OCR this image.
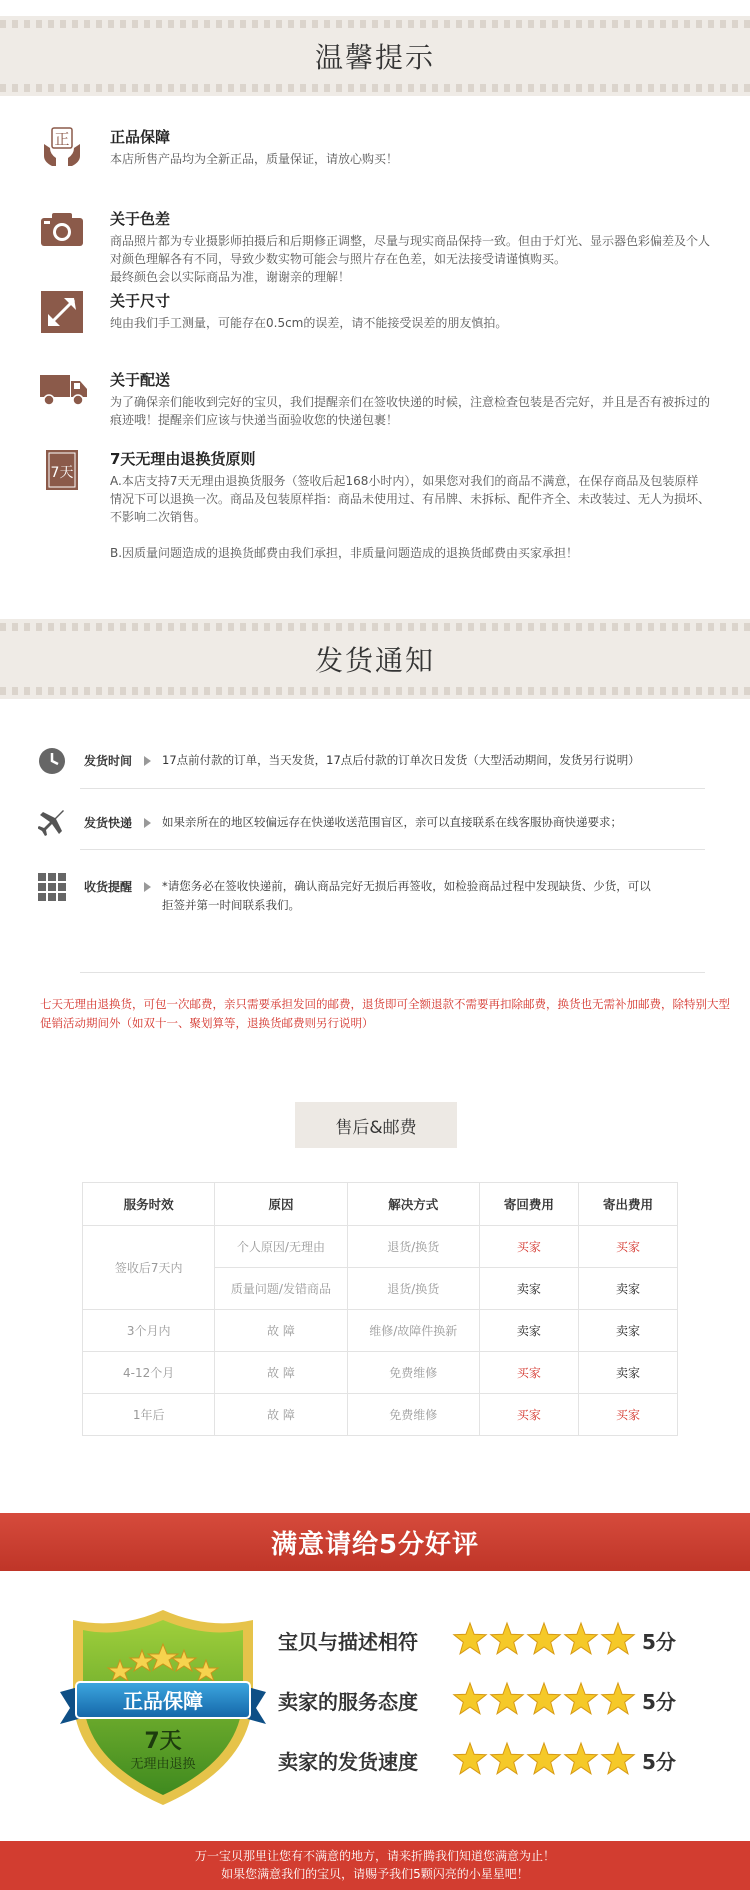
温馨提示
正	正品保障
本店所售产品均为全新正品，质量保证，请放心购买！
关于色差
商品照片都为专业摄影师拍摄后和后期修正调整，尽量与现实商品保持一致。但由于灯光、显示器色彩偏差及个人
对颜色理解各有不同，导致少数实物可能会与照片存在色差，如无法接受请谨慎购买。
最终颜色会以实际商品为准，谢谢亲的理解！
关于尺寸
纯由我们手工测量，可能存在0.5cm的误差，请不能接受误差的朋友慎拍。
关于配送
为了确保亲们能收到完好的宝贝，我们提醒亲们在签收快递的时候，注意检查包装是否完好，并且是否有被拆过的
痕迹哦！提醒亲们应该与快递当面验收您的快递包裹！
7天
7天无理由退换货原则
A.本店支持7天无理由退换货服务（签收后起168小时内），如果您对我们的商品不满意，在保存商品及包装原样
情况下可以退换一次。商品及包装原样指：商品未使用过、有吊牌、未拆标、配件齐全、未改装过、无人为损坏、
不影响二次销售。
B.因质量问题造成的退换货邮费由我们承担，非质量问题造成的退换货邮费由买家承担！
发货通知
发货时间	17点前付款的订单，当天发货，17点后付款的订单次日发货（大型活动期间，发货另行说明）
发货快递	如果亲所在的地区较偏远存在快递收送范围盲区，亲可以直接联系在线客服协商快递要求；
收货提醒	*请您务必在签收快递前，确认商品完好无损后再签收，如检验商品过程中发现缺货、少货，可以拒签并第一时间联系我们。
七天无理由退换货，可包一次邮费，亲只需要承担发回的邮费，退货即可全额退款不需要再扣除邮费，换货也无需补加邮费，除特别大型促销活动期间外（如双十一、聚划算等，退换货邮费则另行说明）
售后&邮费
服务时效	原因	解决方式	寄回费用	寄出费用
签收后7天内	个人原因/无理由	退货/换货	买家	买家
	质量问题/发错商品	退货/换货	卖家	卖家
3个月内	故 障	维修/故障件换新	卖家	卖家
4-12个月	故 障	免费维修	买家	卖家
1年后	故 障	免费维修	买家	买家
满意请给5分好评
正品保障
7天
无理由退换
宝贝与描述相符	5分
卖家的服务态度	5分
卖家的发货速度	5分
万一宝贝那里让您有不满意的地方，请来折腾我们知道您满意为止！
如果您满意我们的宝贝，请赐予我们5颗闪亮的小星星吧！
